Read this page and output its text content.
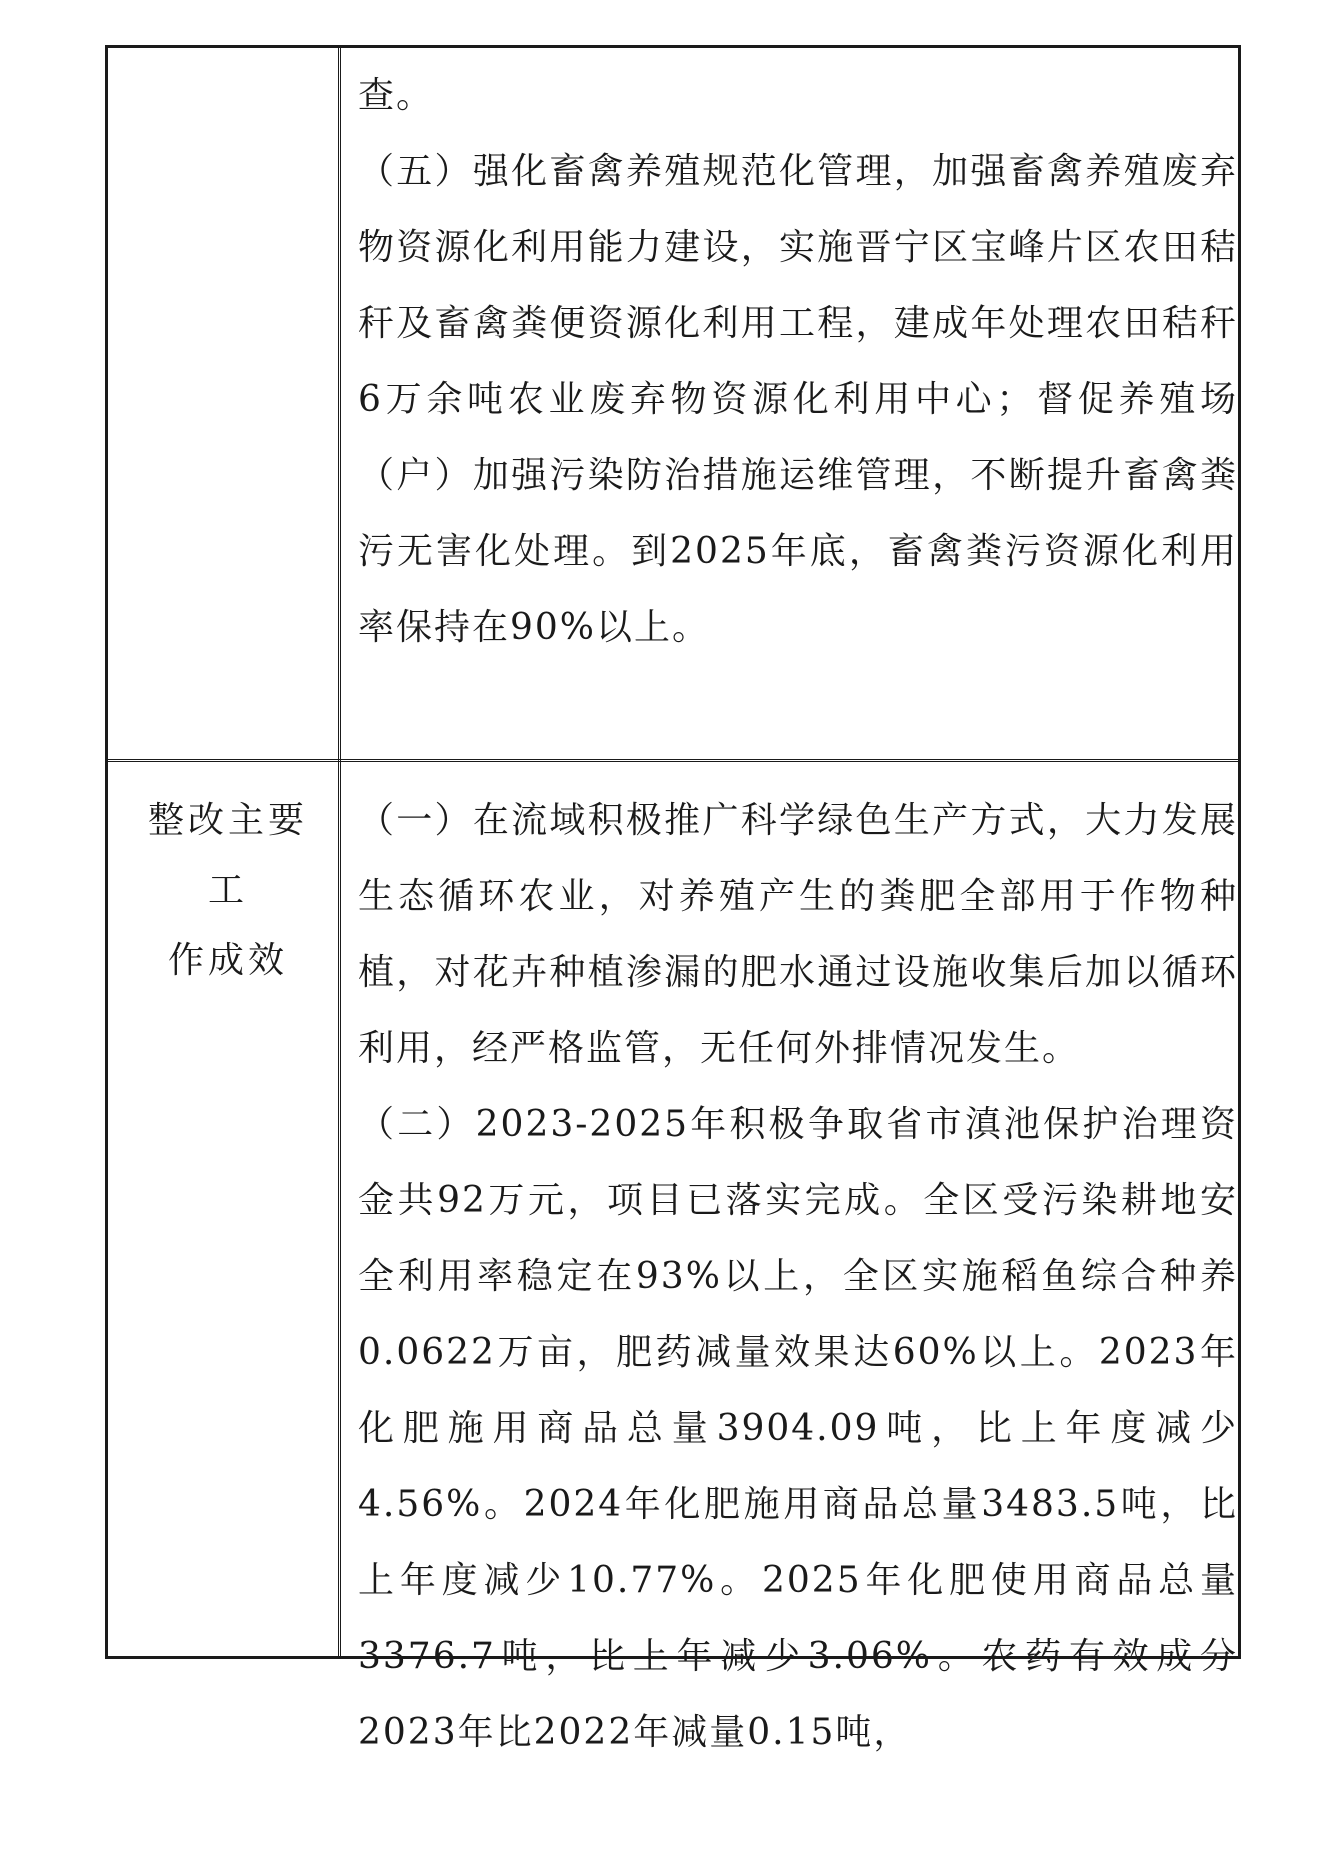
查。

（五）强化畜禽养殖规范化管理，加强畜禽养殖废弃物资源化利用能力建设，实施晋宁区宝峰片区农田秸秆及畜禽粪便资源化利用工程，建成年处理农田秸秆6万余吨农业废弃物资源化利用中心；督促养殖场（户）加强污染防治措施运维管理，不断提升畜禽粪污无害化处理。到2025年底，畜禽粪污资源化利用率保持在90%以上。

整改主要工
作成效

（一）在流域积极推广科学绿色生产方式，大力发展生态循环农业，对养殖产生的粪肥全部用于作物种植，对花卉种植渗漏的肥水通过设施收集后加以循环利用，经严格监管，无任何外排情况发生。

（二）2023-2025年积极争取省市滇池保护治理资金共92万元，项目已落实完成。全区受污染耕地安全利用率稳定在93%以上，全区实施稻鱼综合种养0.0622万亩，肥药减量效果达60%以上。2023年化肥施用商品总量3904.09吨，比上年度减少4.56%。2024年化肥施用商品总量3483.5吨，比上年度减少10.77%。2025年化肥使用商品总量3376.7吨，比上年减少3.06%。农药有效成分2023年比2022年减量0.15吨，
